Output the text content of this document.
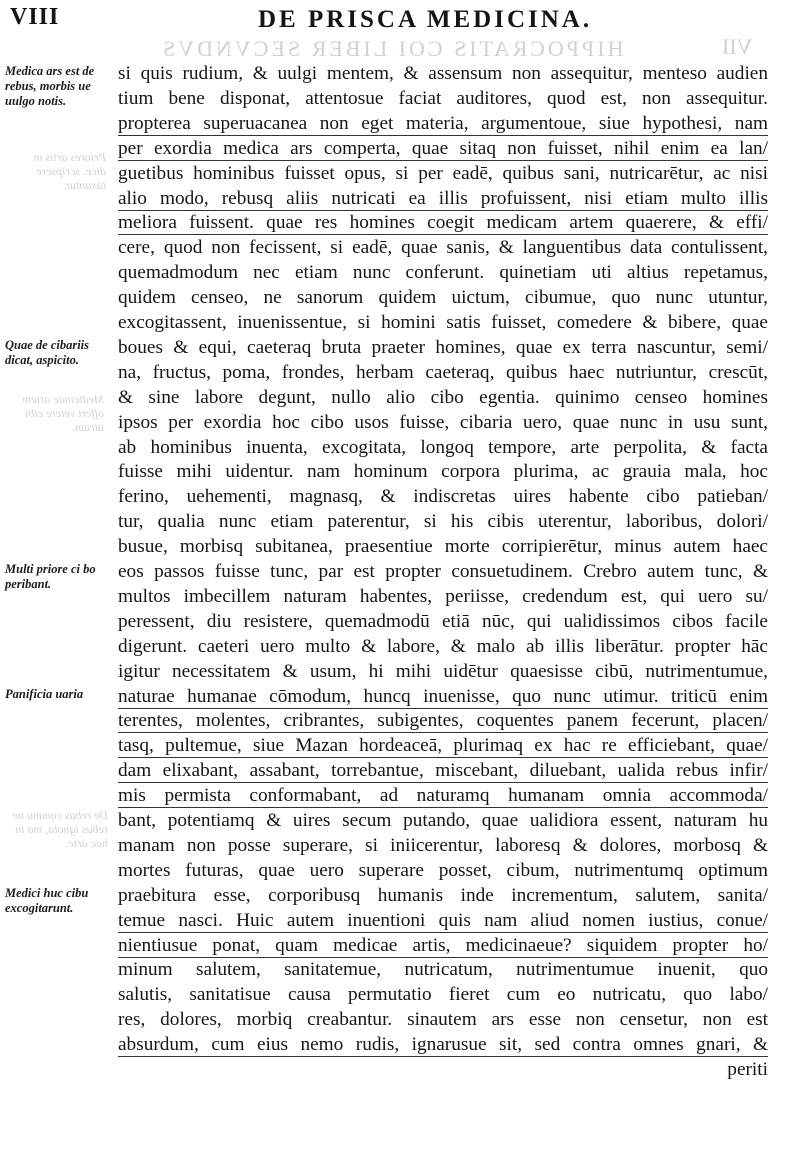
VIII	DE PRISCA MEDICINA.
HIPPOCRATIS COI LIBER SECVNDVS	VII
Priores artis m dice. scripsere taxantur.
Medicinae artem offert vetere cibi utram.
De rebus commu ne rebus ignota, mo in hac arte.
Medica ars est de rebus, morbis ue uulgo notis.
Quae de cibariis dicat, aspicito.
Multi priore ci bo peribant.
Panificia uaria
Medici huc cibu excogitarunt.
si quis rudium, & uulgi mentem, & assensum non assequitur, menteso audien
tium bene disponat, attentosue faciat auditores, quod est, non assequitur.
propterea superuacanea non eget materia, argumentoue, siue hypothesi, nam
per exordia medica ars comperta, quae sitaq non fuisset, nihil enim ea lan/
guetibus hominibus fuisset opus, si per eadē, quibus sani, nutricarētur, ac nisi
alio modo, rebusq aliis nutricati ea illis profuissent, nisi etiam multo illis
meliora fuissent. quae res homines coegit medicam artem quaerere, & effi/
cere, quod non fecissent, si eadē, quae sanis, & languentibus data contulissent,
quemadmodum nec etiam nunc conferunt. quinetiam uti altius repetamus,
quidem censeo, ne sanorum quidem uictum, cibumue, quo nunc utuntur,
excogitassent, inuenissentue, si homini satis fuisset, comedere & bibere, quae
boues & equi, caeteraq bruta praeter homines, quae ex terra nascuntur, semi/
na, fructus, poma, frondes, herbam caeteraq, quibus haec nutriuntur, crescūt,
& sine labore degunt, nullo alio cibo egentia. quinimo censeo homines
ipsos per exordia hoc cibo usos fuisse, cibaria uero, quae nunc in usu sunt,
ab hominibus inuenta, excogitata, longoq tempore, arte perpolita, & facta
fuisse mihi uidentur. nam hominum corpora plurima, ac grauia mala, hoc
ferino, uehementi, magnasq, & indiscretas uires habente cibo patieban/
tur, qualia nunc etiam paterentur, si his cibis uterentur, laboribus, dolori/
busue, morbisq subitanea, praesentiue morte corripierētur, minus autem haec
eos passos fuisse tunc, par est propter consuetudinem. Crebro autem tunc, &
multos imbecillem naturam habentes, periisse, credendum est, qui uero su/
peressent, diu resistere, quemadmodū etiā nūc, qui ualidissimos cibos facile
digerunt. caeteri uero multo & labore, & malo ab illis liberātur. propter hāc
igitur necessitatem & usum, hi mihi uidētur quaesisse cibū, nutrimentumue,
naturae humanae cōmodum, huncq inuenisse, quo nunc utimur. triticū enim
terentes, molentes, cribrantes, subigentes, coquentes panem fecerunt, placen/
tasq, pultemue, siue Mazan hordeaceā, plurimaq ex hac re efficiebant, quae/
dam elixabant, assabant, torrebantue, miscebant, diluebant, ualida rebus infir/
mis permista conformabant, ad naturamq humanam omnia accommoda/
bant, potentiamq & uires secum putando, quae ualidiora essent, naturam hu
manam non posse superare, si iniicerentur, laboresq & dolores, morbosq &
mortes futuras, quae uero superare posset, cibum, nutrimentumq optimum
praebitura esse, corporibusq humanis inde incrementum, salutem, sanita/
temue nasci. Huic autem inuentioni quis nam aliud nomen iustius, conue/
nientiusue ponat, quam medicae artis, medicinaeue? siquidem propter ho/
minum salutem, sanitatemue, nutricatum, nutrimentumue inuenit, quo
salutis, sanitatisue causa permutatio fieret cum eo nutricatu, quo labo/
res, dolores, morbiq creabantur. sinautem ars esse non censetur, non est
absurdum, cum eius nemo rudis, ignarusue sit, sed contra omnes gnari, &
periti
